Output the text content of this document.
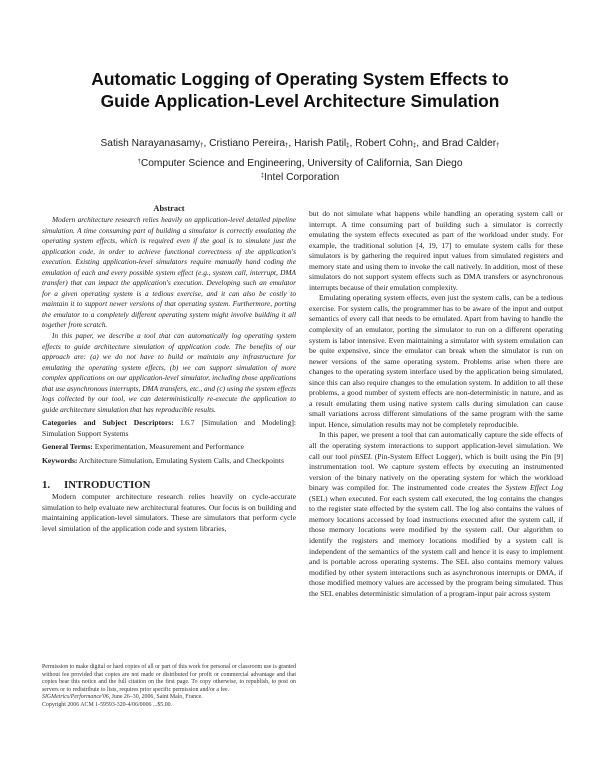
Automatic Logging of Operating System Effects to
Guide Application-Level Architecture Simulation
Satish Narayanasamy$_\dagger$, Cristiano Pereira$_\dagger$, Harish Patil$_\ddagger$, Robert Cohn$_\ddagger$, and Brad Calder$_\dagger$
†Computer Science and Engineering, University of California, San Diego
‡Intel Corporation
Abstract

Modern architecture research relies heavily on application-level detailed pipeline simulation. A time consuming part of building a simulator is correctly emulating the operating system effects, which is required even if the goal is to simulate just the application code, in order to achieve functional correctness of the application's execution. Existing application-level simulators require manually hand coding the emulation of each and every possible system effect (e.g., system call, interrupt, DMA transfer) that can impact the application's execution. Developing such an emulator for a given operating system is a tedious exercise, and it can also be costly to maintain it to support newer versions of that operating system. Furthermore, porting the emulator to a completely different operating system might involve building it all together from scratch.

In this paper, we describe a tool that can automatically log operating system effects to guide architecture simulation of application code. The benefits of our approach are: (a) we do not have to build or maintain any infrastructure for emulating the operating system effects, (b) we can support simulation of more complex applications on our application-level simulator, including those applications that use asynchronous interrupts, DMA transfers, etc., and (c) using the system effects logs collected by our tool, we can deterministically re-execute the application to guide architecture simulation that has reproducible results.

Categories and Subject Descriptors: I.6.7 [Simulation and Modeling]: Simulation Support Systems
General Terms: Experimentation, Measurement and Performance
Keywords: Architecture Simulation, Emulating System Calls, and Checkpoints
1. INTRODUCTION

Modern computer architecture research relies heavily on cycle-accurate simulation to help evaluate new architectural features. Our focus is on building and maintaining application-level simulators. These are simulators that perform cycle level simulation of the application code and system libraries,

but do not simulate what happens while handling an operating system call or interrupt. A time consuming part of building such a simulator is correctly emulating the system effects executed as part of the workload under study. For example, the traditional solution [4, 19, 17] to emulate system calls for these simulators is by gathering the required input values from simulated registers and memory state and using them to invoke the call natively. In addition, most of these simulators do not support system effects such as DMA transfers or asynchronous interrupts because of their emulation complexity.

Emulating operating system effects, even just the system calls, can be a tedious exercise. For system calls, the programmer has to be aware of the input and output semantics of every call that needs to be emulated. Apart from having to handle the complexity of an emulator, porting the simulator to run on a different operating system is labor intensive. Even maintaining a simulator with system emulation can be quite expensive, since the emulator can break when the simulator is run on newer versions of the same operating system. Problems arise when there are changes to the operating system interface used by the application being simulated, since this can also require changes to the emulation system. In addition to all these problems, a good number of system effects are non-deterministic in nature, and as a result emulating them using native system calls during simulation can cause small variations across different simulations of the same program with the same input. Hence, simulation results may not be completely reproducible.

In this paper, we present a tool that can automatically capture the side effects of all the operating system interactions to support application-level simulation. We call our tool pinSEL (Pin-System Effect Logger), which is built using the Pin [9] instrumentation tool. We capture system effects by executing an instrumented version of the binary natively on the operating system for which the workload binary was compiled for. The instrumented code creates the System Effect Log (SEL) when executed. For each system call executed, the log contains the changes to the register state effected by the system call. The log also contains the values of memory locations accessed by load instructions executed after the system call, if those memory locations were modified by the system call. Our algorithm to identify the registers and memory locations modified by a system call is independent of the semantics of the system call and hence it is easy to implement and is portable across operating systems. The SEL also contains memory values modified by other system interactions such as asynchronous interrupts or DMA, if those modified memory values are accessed by the program being simulated. Thus the SEL enables deterministic simulation of a program-input pair across system

Permission to make digital or hard copies of all or part of this work for personal or classroom use is granted without fee provided that copies are not made or distributed for profit or commercial advantage and that copies bear this notice and the full citation on the first page. To copy otherwise, to republish, to post on servers or to redistribute to lists, requires prior specific permission and/or a fee.
SIGMetrics/Performance'06, June 26–30, 2006, Saint Malo, France.
Copyright 2006 ACM 1-59593-320-4/06/0006 ...$5.00.
